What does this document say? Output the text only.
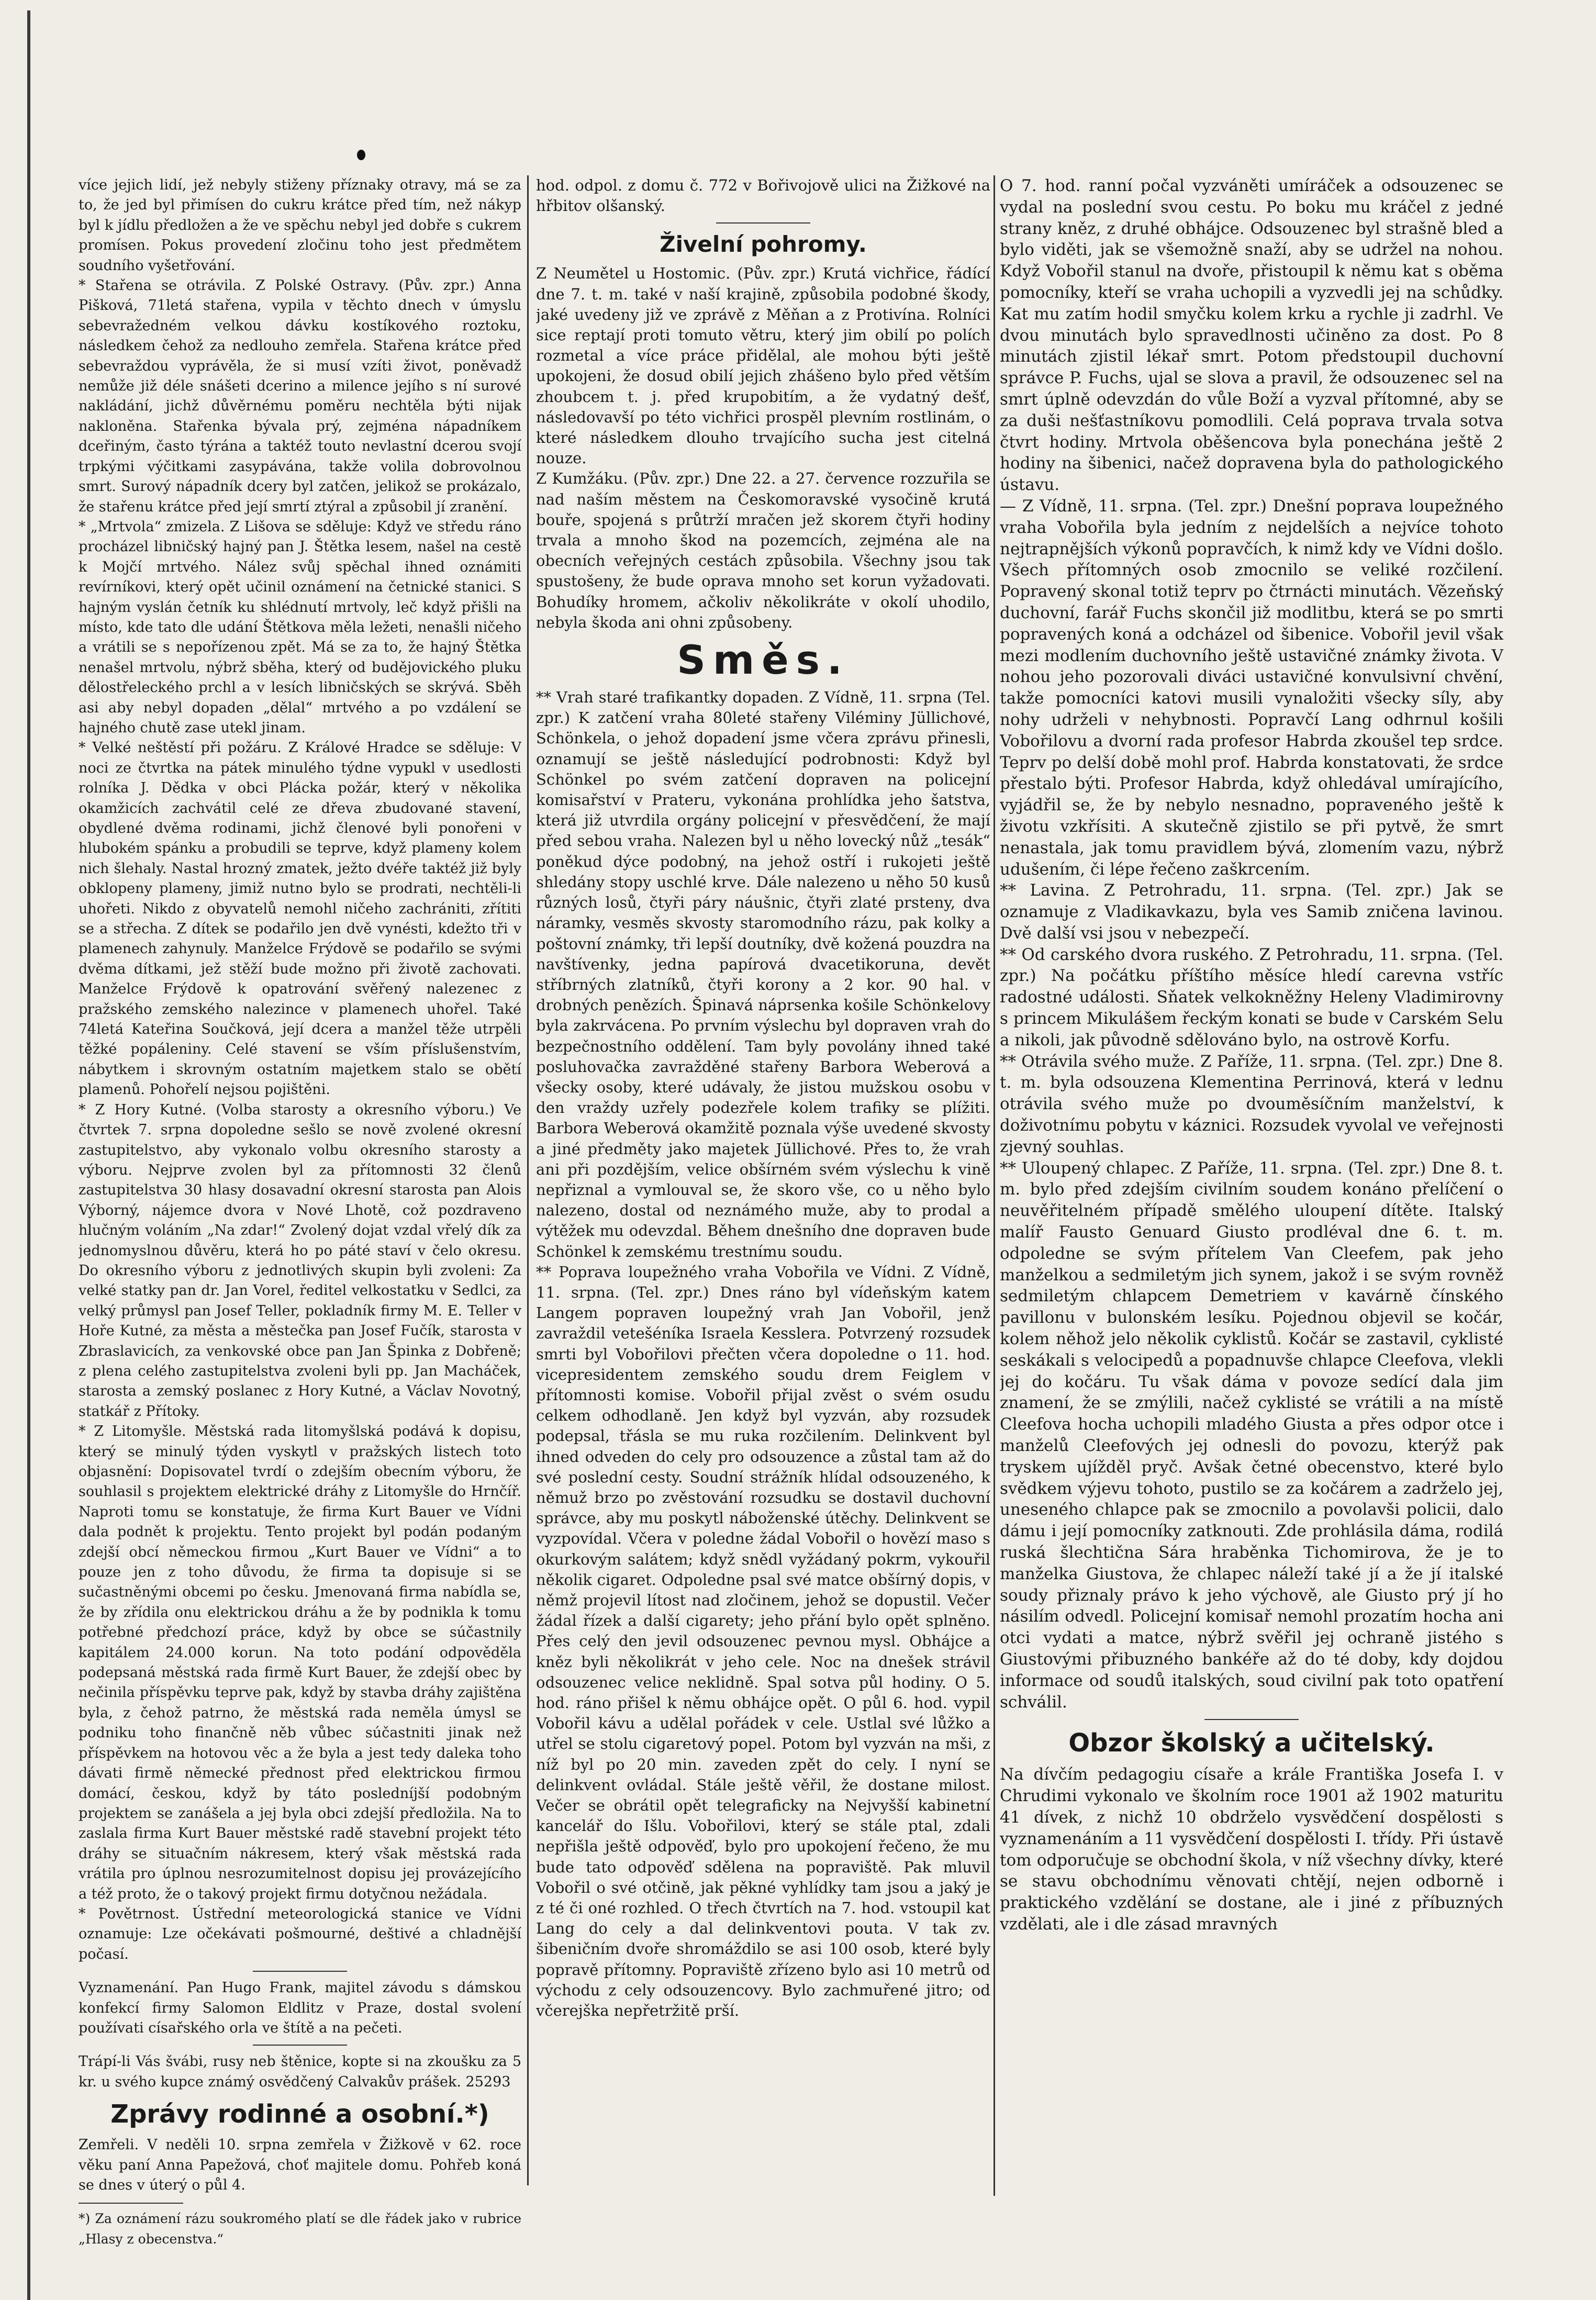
více jejich lidí, jež nebyly stiženy příznaky otravy, má se za to, že jed byl přimísen do cukru krátce před tím, než nákyp byl k jídlu předložen a že ve spěchu nebyl jed dobře s cukrem promísen. Pokus provedení zločinu toho jest předmětem soudního vyšetřování.

* Stařena se otrávila. Z Polské Ostravy. (Pův. zpr.) Anna Pišková, 71letá stařena, vypila v těchto dnech v úmyslu sebevražedném velkou dávku kostíkového roztoku, následkem čehož za nedlouho zemřela. Stařena krátce před sebevraždou vyprávěla, že si musí vzíti život, poněvadž nemůže již déle snášeti dcerino a milence jejího s ní surové nakládání, jichž důvěrnému poměru nechtěla býti nijak nakloněna. Stařenka bývala prý, zejména nápadníkem dceřiným, často týrána a taktéž touto nevlastní dcerou svojí trpkými výčitkami zasypávána, takže volila dobrovolnou smrt. Surový nápadník dcery byl zatčen, jelikož se prokázalo, že stařenu krátce před její smrtí ztýral a způsobil jí zranění.

* „Mrtvola“ zmizela. Z Lišova se sděluje: Když ve středu ráno procházel libničský hajný pan J. Štětka lesem, našel na cestě k Mojčí mrtvého. Nález svůj spěchal ihned oznámiti revírníkovi, který opět učinil oznámení na četnické stanici. S hajným vyslán četník ku shlédnutí mrtvoly, leč když přišli na místo, kde tato dle udání Štětkova měla ležeti, nenašli ničeho a vrátili se s nepořízenou zpět. Má se za to, že hajný Štětka nenašel mrtvolu, nýbrž sběha, který od budějovického pluku dělostřeleckého prchl a v lesích libničských se skrývá. Sběh asi aby nebyl dopaden „dělal“ mrtvého a po vzdálení se hajného chutě zase utekl jinam.

* Velké neštěstí při požáru. Z Králové Hradce se sděluje: V noci ze čtvrtka na pátek minulého týdne vypukl v usedlosti rolníka J. Dědka v obci Plácka požár, který v několika okamžicích zachvátil celé ze dřeva zbudované stavení, obydlené dvěma rodinami, jichž členové byli ponořeni v hlubokém spánku a probudili se teprve, když plameny kolem nich šlehaly. Nastal hrozný zmatek, ježto dvéře taktéž již byly obklopeny plameny, jimiž nutno bylo se prodrati, nechtěli-li uhořeti. Nikdo z obyvatelů nemohl ničeho zachrániti, zřítiti se a střecha. Z dítek se podařilo jen dvě vynésti, kdežto tři v plamenech zahynuly. Manželce Frýdově se podařilo se svými dvěma dítkami, jež stěží bude možno při životě zachovati. Manželce Frýdově k opatrování svěřený nalezenec z pražského zemského nalezince v plamenech uhořel. Také 74letá Kateřina Součková, její dcera a manžel těže utrpěli těžké popáleniny. Celé stavení se vším příslušenstvím, nábytkem i skrovným ostatním majetkem stalo se obětí plamenů. Pohořelí nejsou pojištěni.

* Z Hory Kutné. (Volba starosty a okresního výboru.) Ve čtvrtek 7. srpna dopoledne sešlo se nově zvolené okresní zastupitelstvo, aby vykonalo volbu okresního starosty a výboru. Nejprve zvolen byl za přítomnosti 32 členů zastupitelstva 30 hlasy dosavadní okresní starosta pan Alois Výborný, nájemce dvora v Nové Lhotě, což pozdraveno hlučným voláním „Na zdar!“ Zvolený dojat vzdal vřelý dík za jednomyslnou důvěru, která ho po páté staví v čelo okresu. Do okresního výboru z jednotlivých skupin byli zvoleni: Za velké statky pan dr. Jan Vorel, ředitel velkostatku v Sedlci, za velký průmysl pan Josef Teller, pokladník firmy M. E. Teller v Hoře Kutné, za města a městečka pan Josef Fučík, starosta v Zbraslavicích, za venkovské obce pan Jan Špinka z Dobřeně; z plena celého zastupitelstva zvoleni byli pp. Jan Macháček, starosta a zemský poslanec z Hory Kutné, a Václav Novotný, statkář z Přítoky.

* Z Litomyšle. Městská rada litomyšlská podává k dopisu, který se minulý týden vyskytl v pražských listech toto objasnění: Dopisovatel tvrdí o zdejším obecním výboru, že souhlasil s projektem elektrické dráhy z Litomyšle do Hrnčíř. Naproti tomu se konstatuje, že firma Kurt Bauer ve Vídni dala podnět k projektu. Tento projekt byl podán podaným zdejší obcí německou firmou „Kurt Bauer ve Vídni“ a to pouze jen z toho důvodu, že firma ta dopisuje si se sučastněnými obcemi po česku. Jmenovaná firma nabídla se, že by zřídila onu elektrickou dráhu a že by podnikla k tomu potřebné předchozí práce, když by obce se súčastnily kapitálem 24.000 korun. Na toto podání odpověděla podepsaná městská rada firmě Kurt Bauer, že zdejší obec by nečinila příspěvku teprve pak, když by stavba dráhy zajištěna byla, z čehož patrno, že městská rada neměla úmysl se podniku toho finančně něb vůbec súčastniti jinak než příspěvkem na hotovou věc a že byla a jest tedy daleka toho dávati firmě německé přednost před elektrickou firmou domácí, českou, když by táto posledníjší podobným projektem se zanášela a jej byla obci zdejší předložila. Na to zaslala firma Kurt Bauer městské radě stavební projekt této dráhy se situačním nákresem, který však městská rada vrátila pro úplnou nesrozumitelnost dopisu jej provázejícího a též proto, že o takový projekt firmu dotyčnou nežádala.

* Povětrnost. Ústřední meteorologická stanice ve Vídni oznamuje: Lze očekávati pošmourné, deštivé a chladnější počasí.

Vyznamenání. Pan Hugo Frank, majitel závodu s dámskou konfekcí firmy Salomon Eldlitz v Praze, dostal svolení používati císařského orla ve štítě a na pečeti.

Trápí-li Vás švábi, rusy neb štěnice, kopte si na zkoušku za 5 kr. u svého kupce známý osvědčený Calvakův prášek. 25293

Zprávy rodinné a osobní.*)

Zemřeli. V neděli 10. srpna zemřela v Žižkově v 62. roce věku paní Anna Papežová, choť majitele domu. Pohřeb koná se dnes v úterý o půl 4.

*) Za oznámení rázu soukromého platí se dle řádek jako v rubrice „Hlasy z obecenstva.“

hod. odpol. z domu č. 772 v Bořivojově ulici na Žižkové na hřbitov olšanský.

Živelní pohromy.

Z Neumětel u Hostomic. (Pův. zpr.) Krutá vichřice, řádící dne 7. t. m. také v naší krajině, způsobila podobné škody, jaké uvedeny již ve zprávě z Měňan a z Protivína. Rolníci sice reptají proti tomuto větru, který jim obilí po polích rozmetal a více práce přidělal, ale mohou býti ještě upokojeni, že dosud obilí jejich zhášeno bylo před větším zhoubcem t. j. před krupobitím, a že vydatný dešť, následovavší po této vichřici prospěl plevním rostlinám, o které následkem dlouho trvajícího sucha jest citelná nouze.

Z Kumžáku. (Pův. zpr.) Dne 22. a 27. července rozzuřila se nad naším městem na Českomoravské vysočině krutá bouře, spojená s průtrží mračen jež skorem čtyři hodiny trvala a mnoho škod na pozemcích, zejména ale na obecních veřejných cestách způsobila. Všechny jsou tak spustošeny, že bude oprava mnoho set korun vyžadovati. Bohudíky hromem, ačkoliv několikráte v okolí uhodilo, nebyla škoda ani ohni způsobeny.

Směs.

** Vrah staré trafikantky dopaden. Z Vídně, 11. srpna (Tel. zpr.) K zatčení vraha 80leté stařeny Viléminy Jüllichové, Schönkela, o jehož dopadení jsme včera zprávu přinesli, oznamují se ještě následující podrobnosti: Když byl Schönkel po svém zatčení dopraven na policejní komisařství v Prateru, vykonána prohlídka jeho šatstva, která již utvrdila orgány policejní v přesvědčení, že mají před sebou vraha. Nalezen byl u něho lovecký nůž „tesák“ poněkud dýce podobný, na jehož ostří i rukojeti ještě shledány stopy uschlé krve. Dále nalezeno u něho 50 kusů různých losů, čtyři páry náušnic, čtyři zlaté prsteny, dva náramky, vesměs skvosty staromodního rázu, pak kolky a poštovní známky, tři lepší doutníky, dvě kožená pouzdra na navštívenky, jedna papírová dvacetikoruna, devět stříbrných zlatníků, čtyři korony a 2 kor. 90 hal. v drobných penězích. Špinavá náprsenka košile Schönkelovy byla zakrvácena. Po prvním výslechu byl dopraven vrah do bezpečnostního oddělení. Tam byly povolány ihned také posluhovačka zavražděné stařeny Barbora Weberová a všecky osoby, které udávaly, že jistou mužskou osobu v den vraždy uzřely podezřele kolem trafiky se plížiti. Barbora Weberová okamžitě poznala výše uvedené skvosty a jiné předměty jako majetek Jüllichové. Přes to, že vrah ani při pozdějším, velice obšírném svém výslechu k vině nepřiznal a vymlouval se, že skoro vše, co u něho bylo nalezeno, dostal od neznámého muže, aby to prodal a výtěžek mu odevzdal. Během dnešního dne dopraven bude Schönkel k zemskému trestnímu soudu.

** Poprava loupežného vraha Vobořila ve Vídni. Z Vídně, 11. srpna. (Tel. zpr.) Dnes ráno byl vídeňským katem Langem popraven loupežný vrah Jan Vobořil, jenž zavraždil vetešéníka Israela Kesslera. Potvrzený rozsudek smrti byl Vobořilovi přečten včera dopoledne o 11. hod. vicepresidentem zemského soudu drem Feiglem v přítomnosti komise. Vobořil přijal zvěst o svém osudu celkem odhodlaně. Jen když byl vyzván, aby rozsudek podepsal, třásla se mu ruka rozčilením. Delinkvent byl ihned odveden do cely pro odsouzence a zůstal tam až do své poslední cesty. Soudní strážník hlídal odsouzeného, k němuž brzo po zvěstování rozsudku se dostavil duchovní správce, aby mu poskytl náboženské útěchy. Delinkvent se vyzpovídal. Včera v poledne žádal Vobořil o hovězí maso s okurkovým salátem; když snědl vyžádaný pokrm, vykouřil několik cigaret. Odpoledne psal své matce obšírný dopis, v němž projevil lítost nad zločinem, jehož se dopustil. Večer žádal řízek a další cigarety; jeho přání bylo opět splněno. Přes celý den jevil odsouzenec pevnou mysl. Obhájce a kněz byli několikrát v jeho cele. Noc na dnešek strávil odsouzenec velice neklidně. Spal sotva půl hodiny. O 5. hod. ráno přišel k němu obhájce opět. O půl 6. hod. vypil Vobořil kávu a udělal pořádek v cele. Ustlal své lůžko a utřel se stolu cigaretový popel. Potom byl vyzván na mši, z níž byl po 20 min. zaveden zpět do cely. I nyní se delinkvent ovládal. Stále ještě věřil, že dostane milost. Večer se obrátil opět telegraficky na Nejvyšší kabinetní kancelář do Išlu. Vobořilovi, který se stále ptal, zdali nepřišla ještě odpověď, bylo pro upokojení řečeno, že mu bude tato odpověď sdělena na popraviště. Pak mluvil Vobořil o své otčině, jak pěkné vyhlídky tam jsou a jaký je z té či oné rozhled. O třech čtvrtích na 7. hod. vstoupil kat Lang do cely a dal delinkventovi pouta. V tak zv. šibeničním dvoře shromáždilo se asi 100 osob, které byly popravě přítomny. Popraviště zřízeno bylo asi 10 metrů od východu z cely odsouzencovy. Bylo zachmuřené jitro; od včerejška nepřetržitě prší.

O 7. hod. ranní počal vyzváněti umíráček a odsouzenec se vydal na poslední svou cestu. Po boku mu kráčel z jedné strany kněz, z druhé obhájce. Odsouzenec byl strašně bled a bylo viděti, jak se všemožně snaží, aby se udržel na nohou. Když Vobořil stanul na dvoře, přistoupil k němu kat s oběma pomocníky, kteří se vraha uchopili a vyzvedli jej na schůdky. Kat mu zatím hodil smyčku kolem krku a rychle ji zadrhl. Ve dvou minutách bylo spravedlnosti učiněno za dost. Po 8 minutách zjistil lékař smrt. Potom předstoupil duchovní správce P. Fuchs, ujal se slova a pravil, že odsouzenec sel na smrt úplně odevzdán do vůle Boží a vyzval přítomné, aby se za duši nešťastníkovu pomodlili. Celá poprava trvala sotva čtvrt hodiny. Mrtvola oběšencova byla ponechána ještě 2 hodiny na šibenici, načež dopravena byla do pathologického ústavu.

— Z Vídně, 11. srpna. (Tel. zpr.) Dnešní poprava loupežného vraha Vobořila byla jedním z nejdelších a nejvíce tohoto nejtrapnějších výkonů popravčích, k nimž kdy ve Vídni došlo. Všech přítomných osob zmocnilo se veliké rozčilení. Popravený skonal totiž teprv po čtrnácti minutách. Vězeňský duchovní, farář Fuchs skončil již modlitbu, která se po smrti popravených koná a odcházel od šibenice. Vobořil jevil však mezi modlením duchovního ještě ustavičné známky života. V nohou jeho pozorovali diváci ustavičné konvulsivní chvění, takže pomocníci katovi musili vynaložiti všecky síly, aby nohy udrželi v nehybnosti. Popravčí Lang odhrnul košili Vobořilovu a dvorní rada profesor Habrda zkoušel tep srdce. Teprv po delší době mohl prof. Habrda konstatovati, že srdce přestalo býti. Profesor Habrda, když ohledával umírajícího, vyjádřil se, že by nebylo nesnadno, popraveného ještě k životu vzkřísiti. A skutečně zjistilo se při pytvě, že smrt nenastala, jak tomu pravidlem bývá, zlomením vazu, nýbrž udušením, či lépe řečeno zaškrcením.

** Lavina. Z Petrohradu, 11. srpna. (Tel. zpr.) Jak se oznamuje z Vladikavkazu, byla ves Samib zničena lavinou. Dvě další vsi jsou v nebezpečí.

** Od carského dvora ruského. Z Petrohradu, 11. srpna. (Tel. zpr.) Na počátku příštího měsíce hledí carevna vstříc radostné události. Sňatek velkokněžny Heleny Vladimirovny s princem Mikulášem řeckým konati se bude v Carském Selu a nikoli, jak původně sdělováno bylo, na ostrově Korfu.

** Otrávila svého muže. Z Paříže, 11. srpna. (Tel. zpr.) Dne 8. t. m. byla odsouzena Klementina Perrinová, která v lednu otrávila svého muže po dvouměsíčním manželství, k doživotnímu pobytu v káznici. Rozsudek vyvolal ve veřejnosti zjevný souhlas.

** Uloupený chlapec. Z Paříže, 11. srpna. (Tel. zpr.) Dne 8. t. m. bylo před zdejším civilním soudem konáno přelíčení o neuvěřitelném případě smělého uloupení dítěte. Italský malíř Fausto Genuard Giusto prodléval dne 6. t. m. odpoledne se svým přítelem Van Cleefem, pak jeho manželkou a sedmiletým jich synem, jakož i se svým rovněž sedmiletým chlapcem Demetriem v kavárně čínského pavillonu v bulonském lesíku. Pojednou objevil se kočár, kolem něhož jelo několik cyklistů. Kočár se zastavil, cyklisté seskákali s velocipedů a popadnuvše chlapce Cleefova, vlekli jej do kočáru. Tu však dáma v povoze sedící dala jim znamení, že se zmýlili, načež cyklisté se vrátili a na místě Cleefova hocha uchopili mladého Giusta a přes odpor otce i manželů Cleefových jej odnesli do povozu, kterýž pak tryskem ujížděl pryč. Avšak četné obecenstvo, které bylo svědkem výjevu tohoto, pustilo se za kočárem a zadrželo jej, uneseného chlapce pak se zmocnilo a povolavši policii, dalo dámu i její pomocníky zatknouti. Zde prohlásila dáma, rodilá ruská šlechtična Sára hraběnka Tichomirova, že je to manželka Giustova, že chlapec náleží také jí a že jí italské soudy přiznaly právo k jeho výchově, ale Giusto prý jí ho násilím odvedl. Policejní komisař nemohl prozatím hocha ani otci vydati a matce, nýbrž svěřil jej ochraně jistého s Giustovými přibuzného bankéře až do té doby, kdy dojdou informace od soudů italských, soud civilní pak toto opatření schválil.

Obzor školský a učitelský.

Na dívčím pedagogiu císaře a krále Františka Josefa I. v Chrudimi vykonalo ve školním roce 1901 až 1902 maturitu 41 dívek, z nichž 10 obdrželo vysvědčení dospělosti s vyznamenáním a 11 vysvědčení dospělosti I. třídy. Při ústavě tom odporučuje se obchodní škola, v níž všechny dívky, které se stavu obchodnímu věnovati chtějí, nejen odborně i praktického vzdělání se dostane, ale i jiné z příbuzných vzdělati, ale i dle zásad mravných
